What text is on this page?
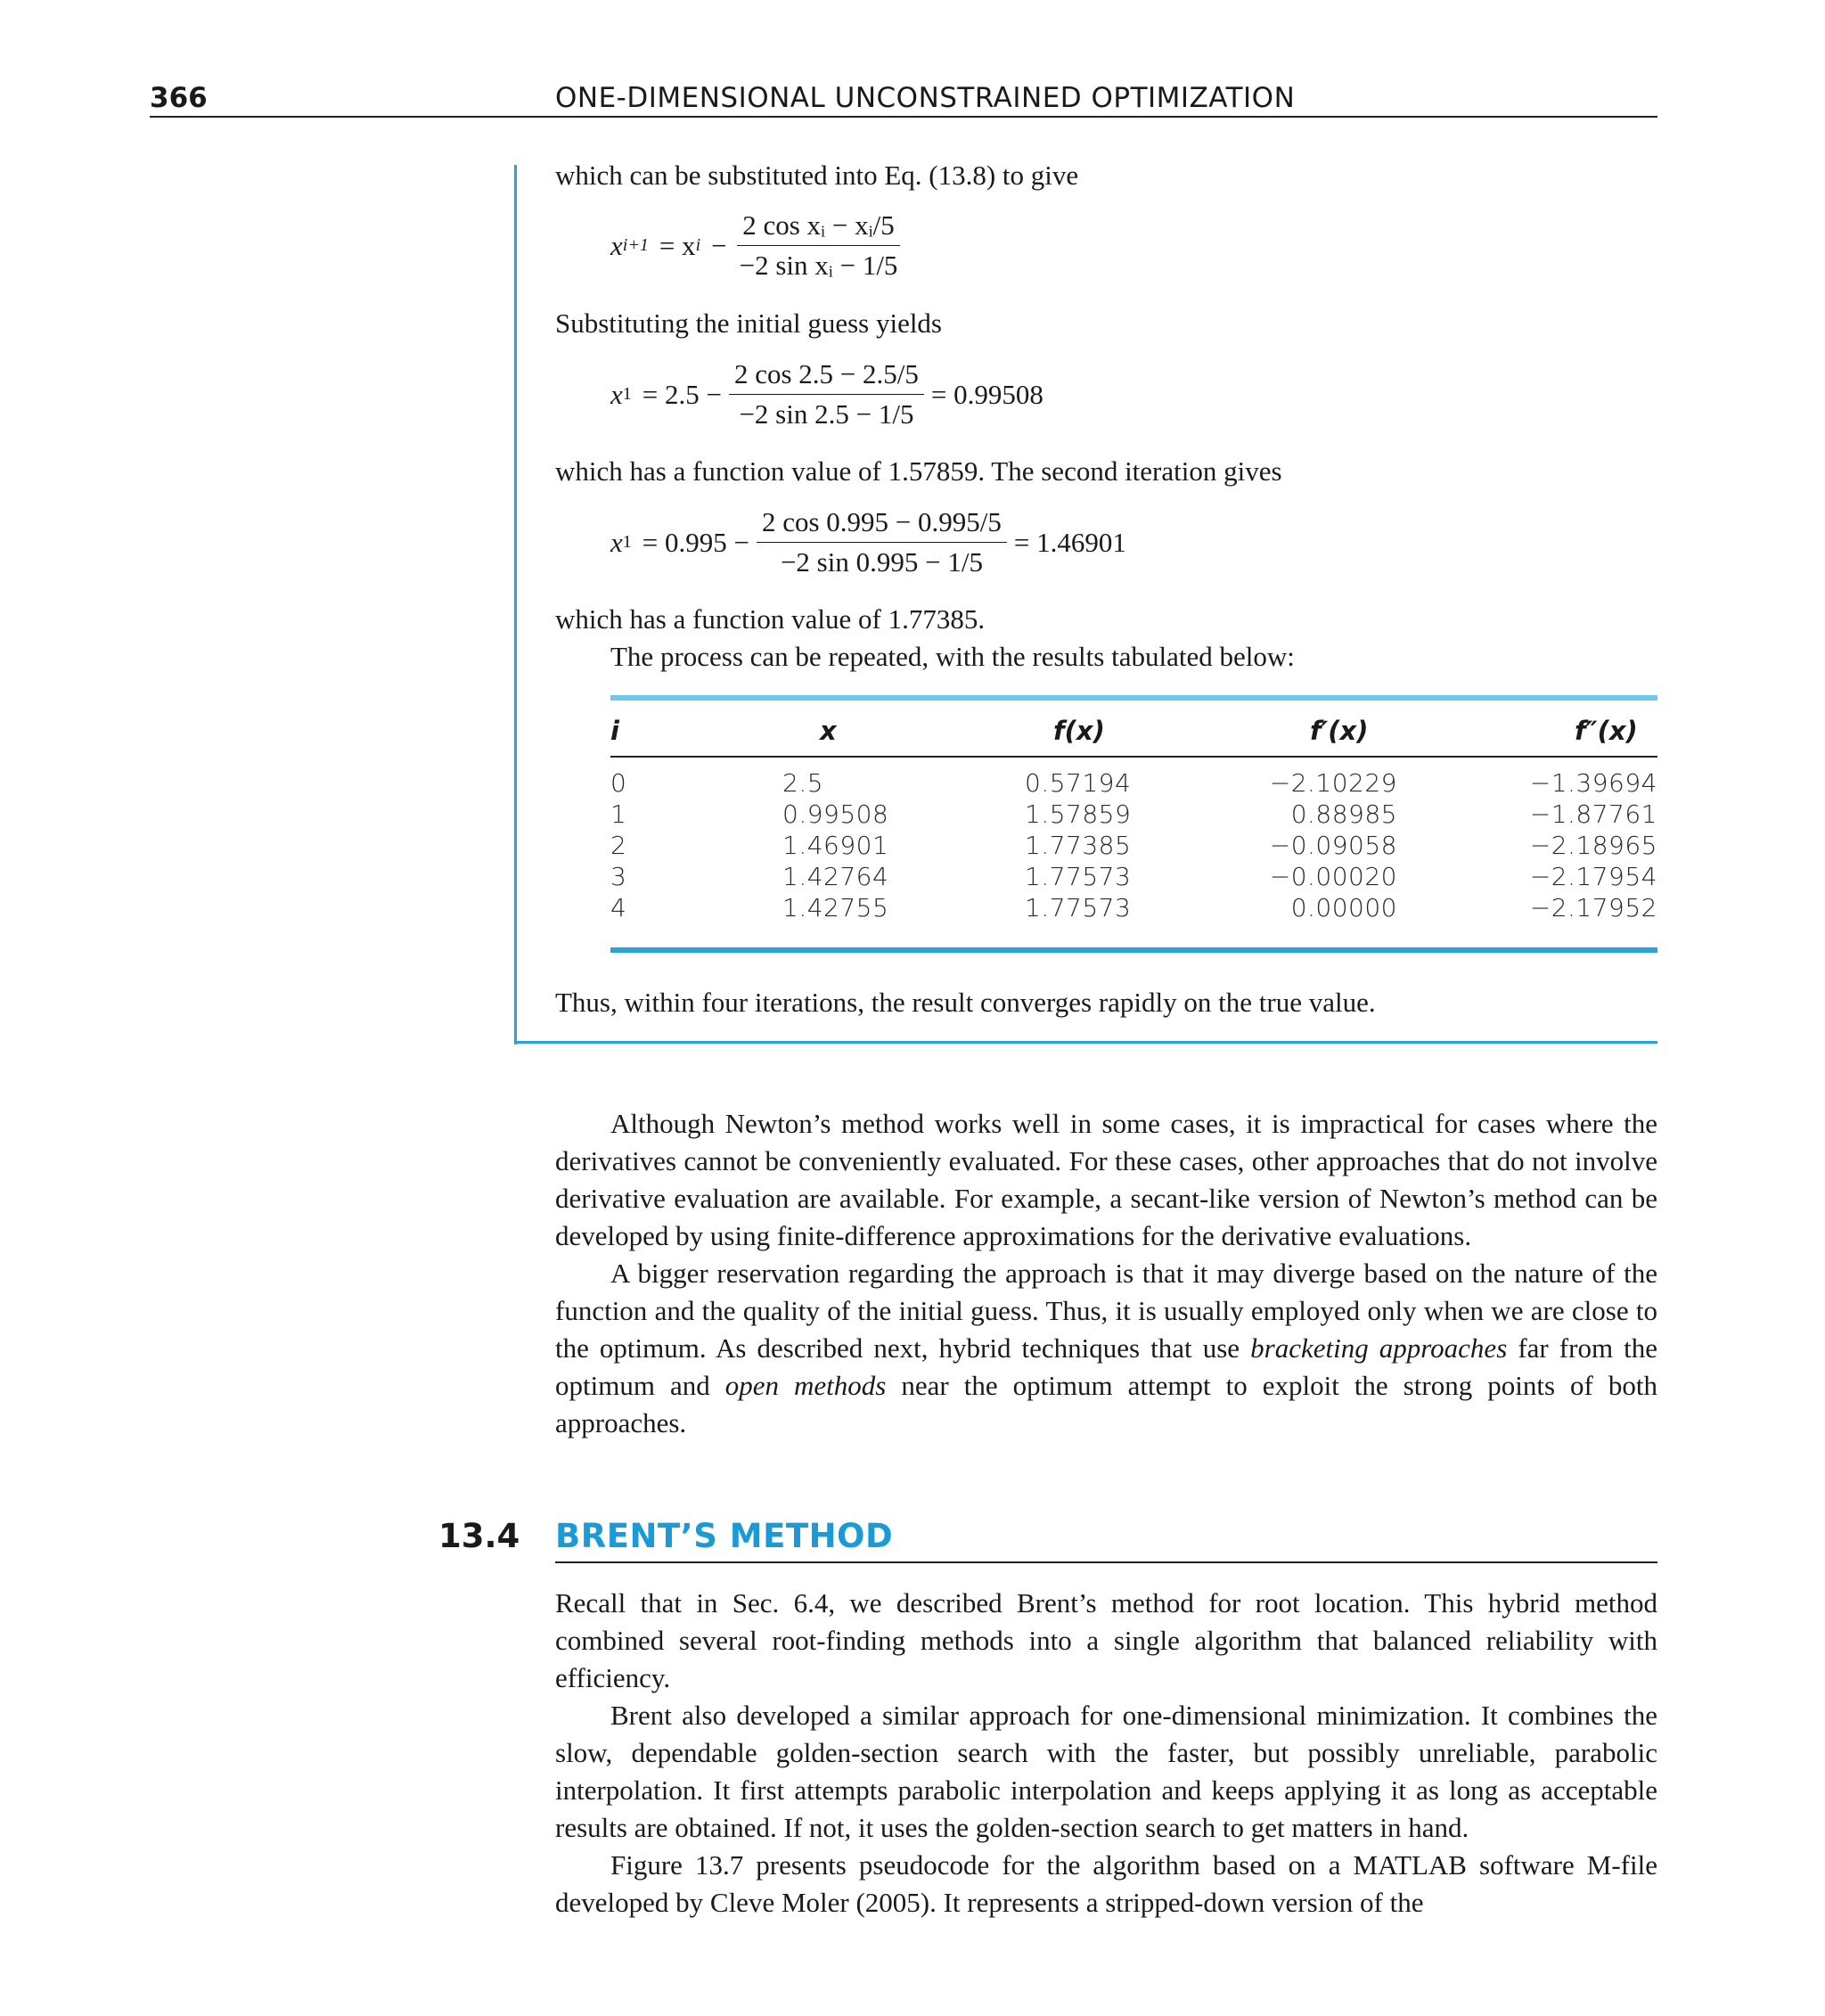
366	ONE-DIMENSIONAL UNCONSTRAINED OPTIMIZATION
which can be substituted into Eq. (13.8) to give
x i+1 = x $i - \frac{\text{2 cos xᵢ − xᵢ/5}}{\text{−2 sin xᵢ − 1/5}}$
Substituting the initial guess yields
x $1 = 2.5 - \frac{2 \cos 2.5 - 2.5/5}{-2 \sin 2.5 - 1/5} = 0.99508$
which has a function value of 1.57859. The second iteration gives
x $1 = 0.995 - \frac{2 \cos 0.995 - 0.995/5}{-2 \sin 0.995 - 1/5} = 1.46901$
which has a function value of 1.77385.
The process can be repeated, with the results tabulated below:
i	x	f(x)	f′(x)	f″(x)
0	2.5	0.57194	−2.10229	−1.39694
1	0.99508	1.57859	0.88985	−1.87761
2	1.46901	1.77385	−0.09058	−2.18965
3	1.42764	1.77573	−0.00020	−2.17954
4	1.42755	1.77573	0.00000	−2.17952
Thus, within four iterations, the result converges rapidly on the true value.

Although Newton’s method works well in some cases, it is impractical for cases where the derivatives cannot be conveniently evaluated. For these cases, other approaches that do not involve derivative evaluation are available. For example, a secant-like version of Newton’s method can be developed by using finite-difference approximations for the derivative evaluations.

A bigger reservation regarding the approach is that it may diverge based on the nature of the function and the quality of the initial guess. Thus, it is usually employed only when we are close to the optimum. As described next, hybrid techniques that use bracketing approaches far from the optimum and open methods near the optimum attempt to exploit the strong points of both approaches.

13.4 BRENT’S METHOD

Recall that in Sec. 6.4, we described Brent’s method for root location. This hybrid method combined several root-finding methods into a single algorithm that balanced reliability with efficiency.

Brent also developed a similar approach for one-dimensional minimization. It combines the slow, dependable golden-section search with the faster, but possibly unreliable, parabolic interpolation. It first attempts parabolic interpolation and keeps applying it as long as acceptable results are obtained. If not, it uses the golden-section search to get matters in hand.

Figure 13.7 presents pseudocode for the algorithm based on a MATLAB software M-file developed by Cleve Moler (2005). It represents a stripped-down version of the
